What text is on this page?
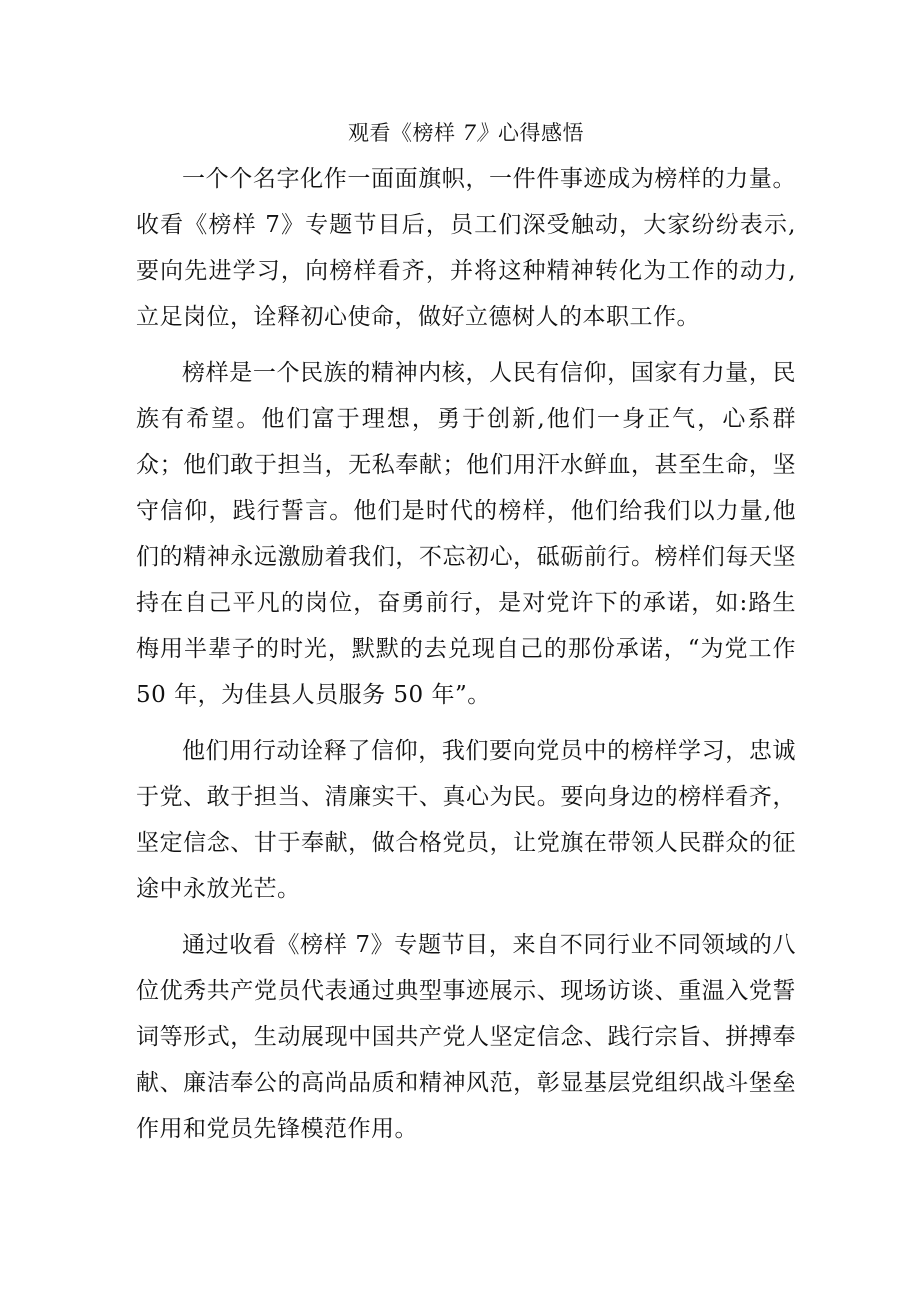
观看《榜样 7》心得感悟

一个个名字化作一面面旗帜，一件件事迹成为榜样的力量。收看《榜样 7》专题节目后，员工们深受触动，大家纷纷表示,要向先进学习，向榜样看齐，并将这种精神转化为工作的动力,立足岗位，诠释初心使命，做好立德树人的本职工作。

榜样是一个民族的精神内核，人民有信仰，国家有力量，民族有希望。他们富于理想，勇于创新,他们一身正气，心系群众；他们敢于担当，无私奉献；他们用汗水鲜血，甚至生命，坚守信仰，践行誓言。他们是时代的榜样，他们给我们以力量,他们的精神永远激励着我们，不忘初心，砥砺前行。榜样们每天坚持在自己平凡的岗位，奋勇前行，是对党许下的承诺，如:路生梅用半辈子的时光，默默的去兑现自己的那份承诺，“为党工作 50 年，为佳县人员服务 50 年”。

他们用行动诠释了信仰，我们要向党员中的榜样学习，忠诚于党、敢于担当、清廉实干、真心为民。要向身边的榜样看齐，坚定信念、甘于奉献，做合格党员，让党旗在带领人民群众的征途中永放光芒。

通过收看《榜样 7》专题节目，来自不同行业不同领域的八位优秀共产党员代表通过典型事迹展示、现场访谈、重温入党誓词等形式，生动展现中国共产党人坚定信念、践行宗旨、拼搏奉献、廉洁奉公的高尚品质和精神风范，彰显基层党组织战斗堡垒作用和党员先锋模范作用。
